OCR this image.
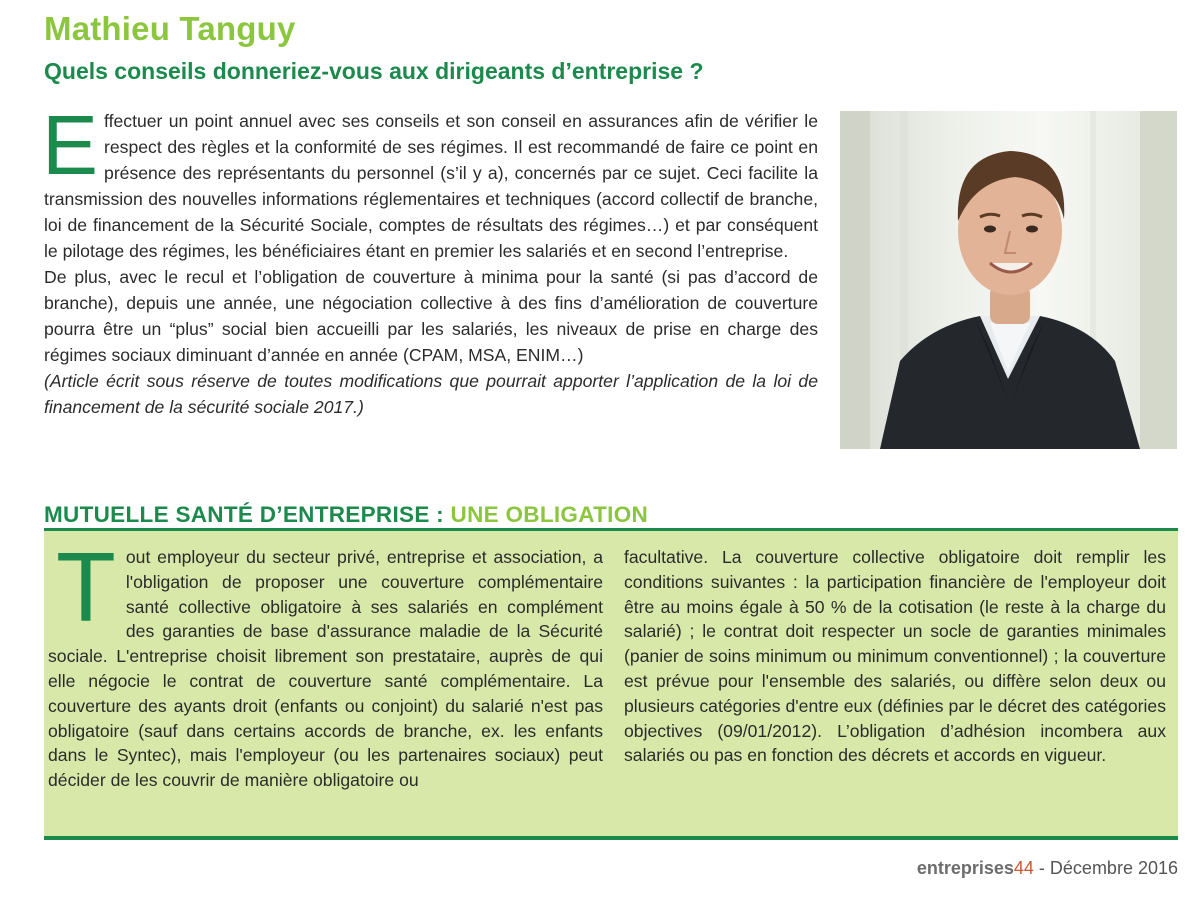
Mathieu Tanguy
Quels conseils donneriez-vous aux dirigeants d’entreprise ?
E ffectuer un point annuel avec ses conseils et son conseil en assurances afin de vérifier le respect des règles et la conformité de ses régimes. Il est recommandé de faire ce point en présence des représentants du personnel (s’il y a), concernés par ce sujet. Ceci facilite la transmission des nouvelles informations réglementaires et techniques (accord collectif de branche, loi de financement de la Sécurité Sociale, comptes de résultats des régimes…) et par conséquent le pilotage des régimes, les bénéficiaires étant en premier les salariés et en second l’entreprise.

De plus, avec le recul et l’obligation de couverture à minima pour la santé (si pas d’accord de branche), depuis une année, une négociation collective à des fins d’amélioration de couverture pourra être un “plus” social bien accueilli par les salariés, les niveaux de prise en charge des régimes sociaux diminuant d’année en année (CPAM, MSA, ENIM…)

(Article écrit sous réserve de toutes modifications que pourrait apporter l’application de la loi de financement de la sécurité sociale 2017.)

MUTUELLE SANTÉ D’ENTREPRISE : UNE OBLIGATION
T out employeur du secteur privé, entreprise et association, a l'obligation de proposer une couverture complémentaire santé collective obligatoire à ses salariés en complément des garanties de base d'assurance maladie de la Sécurité sociale. L'entreprise choisit librement son prestataire, auprès de qui elle négocie le contrat de couverture santé complémentaire. La couverture des ayants droit (enfants ou conjoint) du salarié n'est pas obligatoire (sauf dans certains accords de branche, ex. les enfants dans le Syntec), mais l'employeur (ou les partenaires sociaux) peut décider de les couvrir de manière obligatoire ou
facultative. La couverture collective obligatoire doit remplir les conditions suivantes : la participation financière de l'employeur doit être au moins égale à 50 % de la cotisation (le reste à la charge du salarié) ; le contrat doit respecter un socle de garanties minimales (panier de soins minimum ou minimum conventionnel) ; la couverture est prévue pour l'ensemble des salariés, ou diffère selon deux ou plusieurs catégories d'entre eux (définies par le décret des catégories objectives (09/01/2012). L’obligation d’adhésion incombera aux salariés ou pas en fonction des décrets et accords en vigueur.
entreprises44 - Décembre 2016
